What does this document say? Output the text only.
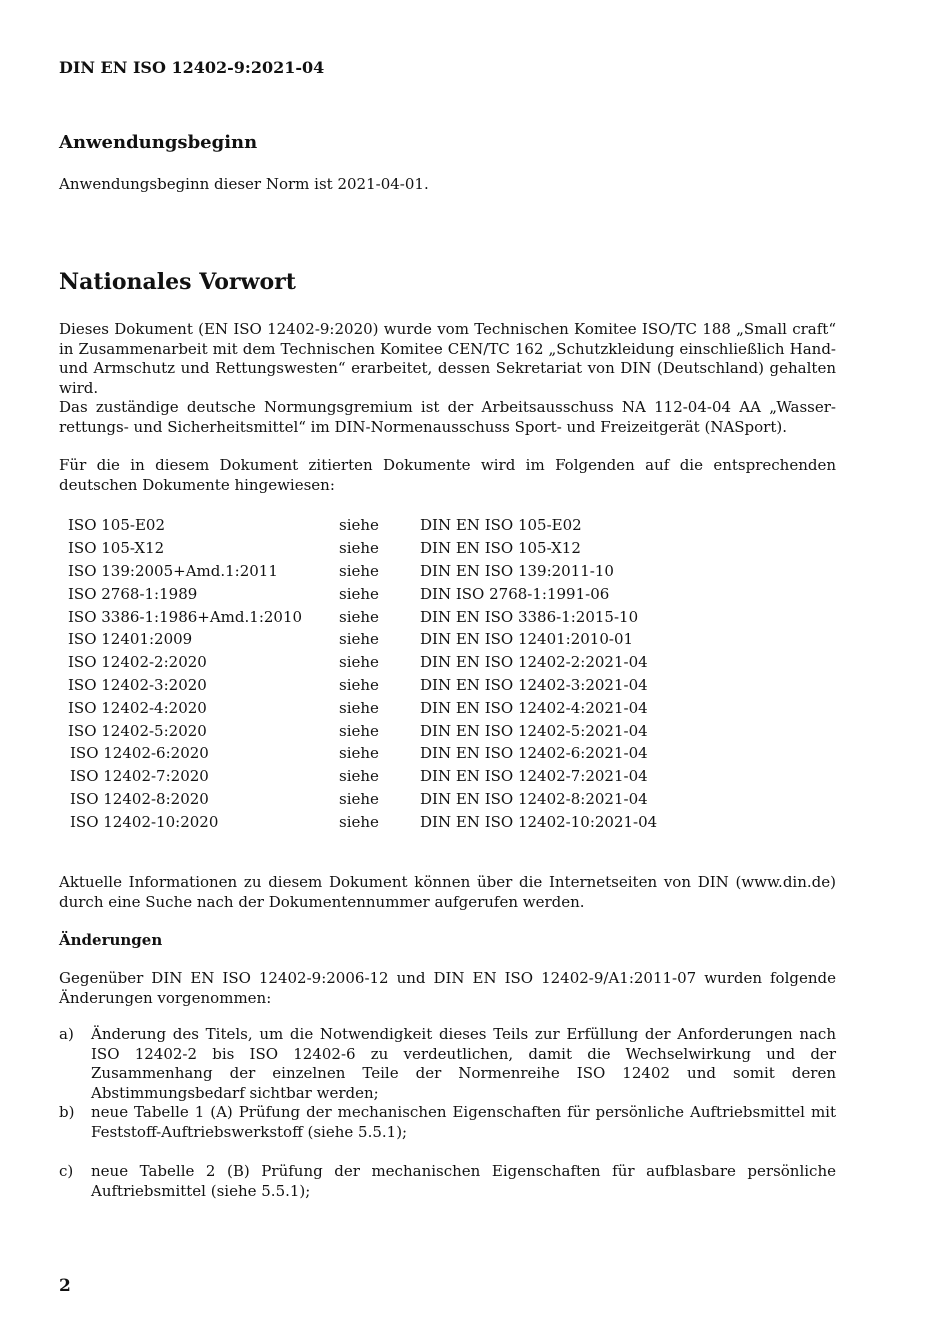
DIN EN ISO 12402-9:2021-04
Anwendungsbeginn
Anwendungsbeginn dieser Norm ist 2021-04-01.
Nationales Vorwort
Dieses Dokument (EN ISO 12402-9:2020) wurde vom Technischen Komitee ISO/TC 188 „Small craft“ in Zusammenarbeit mit dem Technischen Komitee CEN/TC 162 „Schutzkleidung einschließlich Hand- und Armschutz und Rettungswesten“ erarbeitet, dessen Sekretariat von DIN (Deutschland) gehalten wird.
Das zuständige deutsche Normungsgremium ist der Arbeitsausschuss NA 112-04-04 AA „Wasser-rettungs- und Sicherheitsmittel“ im DIN-Normenausschuss Sport- und Freizeitgerät (NASport).
Für die in diesem Dokument zitierten Dokumente wird im Folgenden auf die entsprechenden deutschen Dokumente hingewiesen:
ISO 105-E02	siehe	DIN EN ISO 105-E02
ISO 105-X12	siehe	DIN EN ISO 105-X12
ISO 139:2005+Amd.1:2011	siehe	DIN EN ISO 139:2011-10
ISO 2768-1:1989	siehe	DIN ISO 2768-1:1991-06
ISO 3386-1:1986+Amd.1:2010	siehe	DIN EN ISO 3386-1:2015-10
ISO 12401:2009	siehe	DIN EN ISO 12401:2010-01
ISO 12402-2:2020	siehe	DIN EN ISO 12402-2:2021-04
ISO 12402-3:2020	siehe	DIN EN ISO 12402-3:2021-04
ISO 12402-4:2020	siehe	DIN EN ISO 12402-4:2021-04
ISO 12402-5:2020	siehe	DIN EN ISO 12402-5:2021-04
ISO 12402-6:2020	siehe	DIN EN ISO 12402-6:2021-04
ISO 12402-7:2020	siehe	DIN EN ISO 12402-7:2021-04
ISO 12402-8:2020	siehe	DIN EN ISO 12402-8:2021-04
ISO 12402-10:2020	siehe	DIN EN ISO 12402-10:2021-04
Aktuelle Informationen zu diesem Dokument können über die Internetseiten von DIN (www.din.de) durch eine Suche nach der Dokumentennummer aufgerufen werden.
Änderungen
Gegenüber DIN EN ISO 12402-9:2006-12 und DIN EN ISO 12402-9/A1:2011-07 wurden folgende Änderungen vorgenommen:
a)	Änderung des Titels, um die Notwendigkeit dieses Teils zur Erfüllung der Anforderungen nach ISO 12402-2 bis ISO 12402-6 zu verdeutlichen, damit die Wechselwirkung und der Zusammenhang der einzelnen Teile der Normenreihe ISO 12402 und somit deren Abstimmungsbedarf sichtbar werden;
b)	neue Tabelle 1 (A) Prüfung der mechanischen Eigenschaften für persönliche Auftriebsmittel mit Feststoff-Auftriebswerkstoff (siehe 5.5.1);
c)	neue Tabelle 2 (B) Prüfung der mechanischen Eigenschaften für aufblasbare persönliche Auftriebsmittel (siehe 5.5.1);
2
